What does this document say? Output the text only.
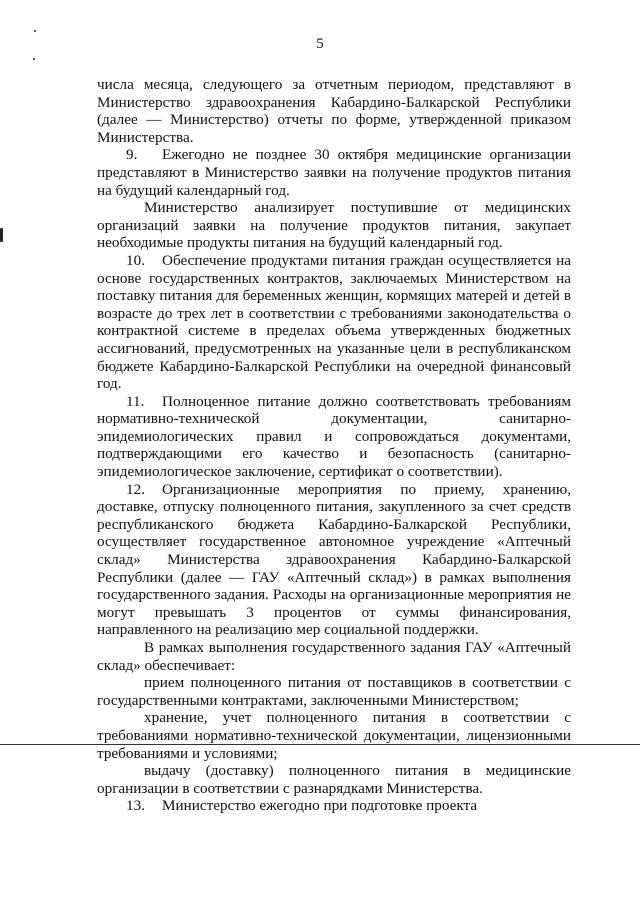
5

числа месяца, следующего за отчетным периодом, представляют в Министерство здравоохранения Кабардино-Балкарской Республики (далее — Министерство) отчеты по форме, утвержденной приказом Министерства.

9. Ежегодно не позднее 30 октября медицинские организации представляют в Министерство заявки на получение продуктов питания на будущий календарный год.

Министерство анализирует поступившие от медицинских организаций заявки на получение продуктов питания, закупает необходимые продукты питания на будущий календарный год.

10. Обеспечение продуктами питания граждан осуществляется на основе государственных контрактов, заключаемых Министерством на поставку питания для беременных женщин, кормящих матерей и детей в возрасте до трех лет в соответствии с требованиями законодательства о контрактной системе в пределах объема утвержденных бюджетных ассигнований, предусмотренных на указанные цели в республиканском бюджете Кабардино-Балкарской Республики на очередной финансовый год.

11. Полноценное питание должно соответствовать требованиям нормативно-технической документации, санитарно-эпидемиологических правил и сопровождаться документами, подтверждающими его качество и безопасность (санитарно-эпидемиологическое заключение, сертификат о соответствии).

12. Организационные мероприятия по приему, хранению, доставке, отпуску полноценного питания, закупленного за счет средств республиканского бюджета Кабардино-Балкарской Республики, осуществляет государственное автономное учреждение «Аптечный склад» Министерства здравоохранения Кабардино-Балкарской Республики (далее — ГАУ «Аптечный склад») в рамках выполнения государственного задания. Расходы на организационные мероприятия не могут превышать 3 процентов от суммы финансирования, направленного на реализацию мер социальной поддержки.

В рамках выполнения государственного задания ГАУ «Аптечный склад» обеспечивает:

прием полноценного питания от поставщиков в соответствии с государственными контрактами, заключенными Министерством;

хранение, учет полноценного питания в соответствии с требованиями нормативно-технической документации, лицензионными требованиями и условиями;

выдачу (доставку) полноценного питания в медицинские организации в соответствии с разнарядками Министерства.

13. Министерство ежегодно при подготовке проекта
